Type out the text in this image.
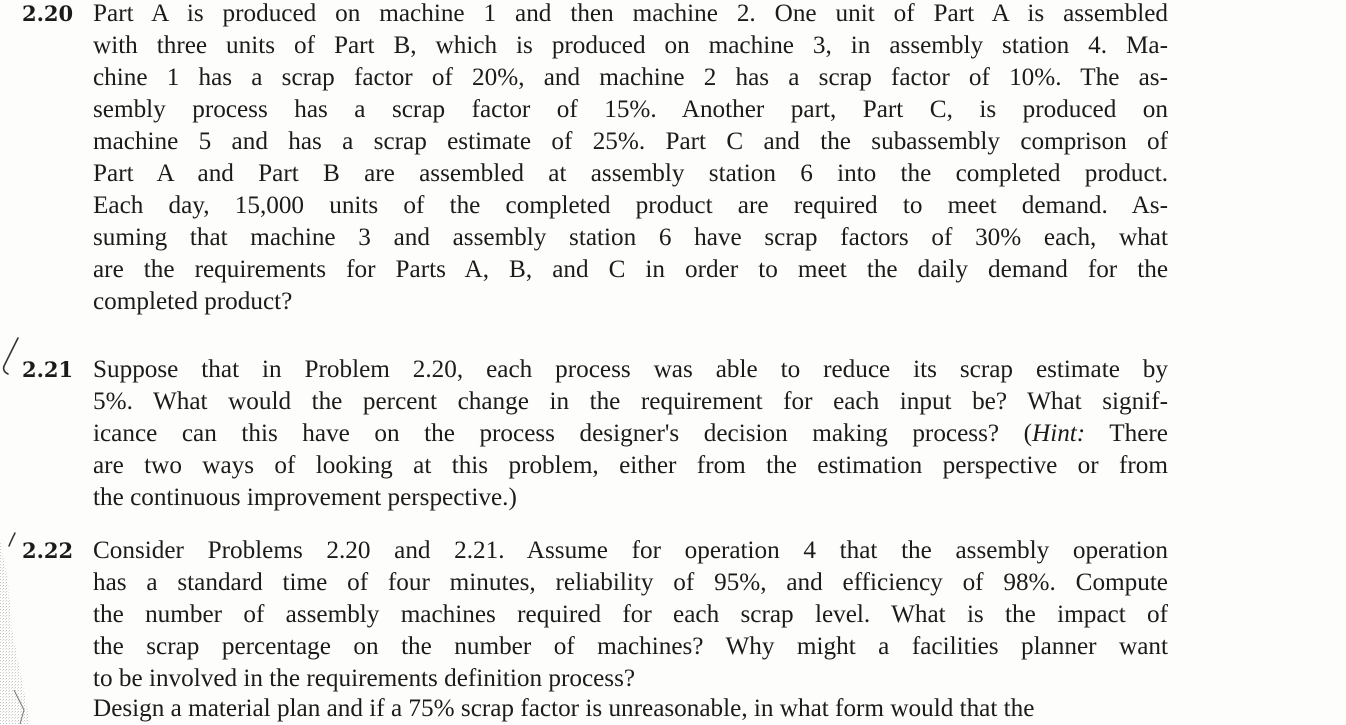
2.20 Part A is produced on machine 1 and then machine 2. One unit of Part A is assembled
with three units of Part B, which is produced on machine 3, in assembly station 4. Ma-
chine 1 has a scrap factor of 20%, and machine 2 has a scrap factor of 10%. The as-
sembly process has a scrap factor of 15%. Another part, Part C, is produced on
machine 5 and has a scrap estimate of 25%. Part C and the subassembly comprison of
Part A and Part B are assembled at assembly station 6 into the completed product.
Each day, 15,000 units of the completed product are required to meet demand. As-
suming that machine 3 and assembly station 6 have scrap factors of 30% each, what
are the requirements for Parts A, B, and C in order to meet the daily demand for the
completed product?
2.21 Suppose that in Problem 2.20, each process was able to reduce its scrap estimate by
5%. What would the percent change in the requirement for each input be? What signif-
icance can this have on the process designer's decision making process? (Hint: There
are two ways of looking at this problem, either from the estimation perspective or from
the continuous improvement perspective.)
2.22 Consider Problems 2.20 and 2.21. Assume for operation 4 that the assembly operation
has a standard time of four minutes, reliability of 95%, and efficiency of 98%. Compute
the number of assembly machines required for each scrap level. What is the impact of
the scrap percentage on the number of machines? Why might a facilities planner want
to be involved in the requirements definition process?
Design a material plan and if a 75% scrap factor is unreasonable, in what form would that the
